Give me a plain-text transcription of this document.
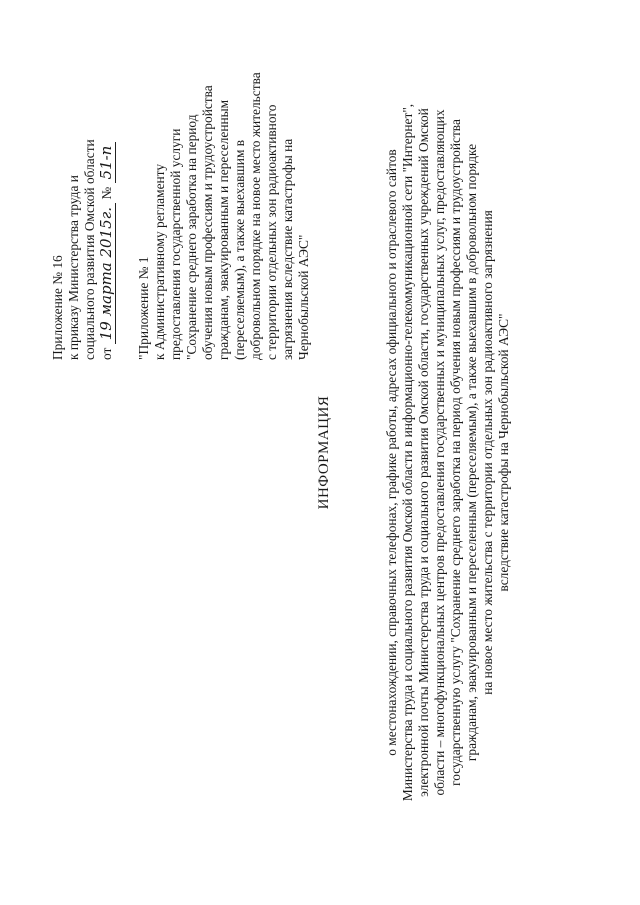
Приложение № 16 к приказу Министерства труда и социального развития Омской области от 19 марта 2015г. № 51-п
"Приложение № 1 к Административному регламенту предоставления государственной услуги "Сохранение среднего заработка на период обучения новым профессиям и трудоустройства гражданам, эвакуированным и переселенным (переселяемым), а также выехавшим в добровольном порядке на новое место жительства с территории отдельных зон радиоактивного загрязнения вследствие катастрофы на Чернобыльской АЭС"
ИНФОРМАЦИЯ	о местонахождении, справочных телефонах, графике работы, адресах официального и отраслевого сайтов Министерства труда и социального развития Омской области в информационно-телекоммуникационной сети "Интернет", электронной почты Министерства труда и социального развития Омской области, государственных учреждений Омской области – многофункциональных центров предоставления государственных и муниципальных услуг, предоставляющих государственную услугу "Сохранение среднего заработка на период обучения новым профессиям и трудоустройства гражданам, эвакуированным и переселенным (переселяемым), а также выехавшим в добровольном порядке на новое место жительства с территории отдельных зон радиоактивного загрязнения вследствие катастрофы на Чернобыльской АЭС"
